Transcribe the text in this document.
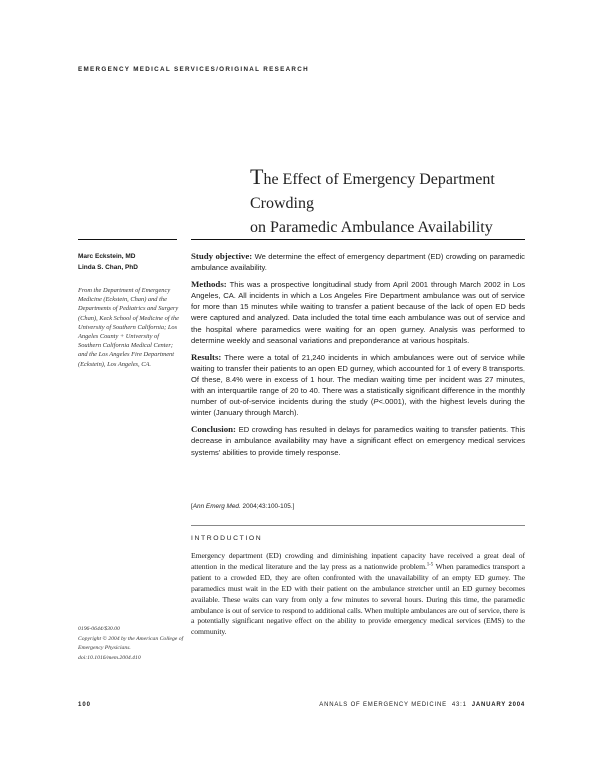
EMERGENCY MEDICAL SERVICES/ORIGINAL RESEARCH
The Effect of Emergency Department Crowding
on Paramedic Ambulance Availability
Marc Eckstein, MD
Linda S. Chan, PhD
From the Department of Emergency Medicine (Eckstein, Chan) and the Departments of Pediatrics and Surgery (Chan), Keck School of Medicine of the University of Southern California; Los Angeles County + University of Southern California Medical Center; and the Los Angeles Fire Department (Eckstein), Los Angeles, CA.

Study objective: We determine the effect of emergency department (ED) crowding on paramedic ambulance availability.

Methods: This was a prospective longitudinal study from April 2001 through March 2002 in Los Angeles, CA. All incidents in which a Los Angeles Fire Department ambulance was out of service for more than 15 minutes while waiting to transfer a patient because of the lack of open ED beds were captured and analyzed. Data included the total time each ambulance was out of service and the hospital where paramedics were waiting for an open gurney. Analysis was performed to determine weekly and seasonal variations and preponderance at various hospitals.

Results: There were a total of 21,240 incidents in which ambulances were out of service while waiting to transfer their patients to an open ED gurney, which accounted for 1 of every 8 transports. Of these, 8.4% were in excess of 1 hour. The median waiting time per incident was 27 minutes, with an interquartile range of 20 to 40. There was a statistically significant difference in the monthly number of out-of-service incidents during the study (P<.0001), with the highest levels during the winter (January through March).

Conclusion: ED crowding has resulted in delays for paramedics waiting to transfer patients. This decrease in ambulance availability may have a significant effect on emergency medical services systems' abilities to provide timely response.

[Ann Emerg Med. 2004;43:100-105.]
INTRODUCTION
Emergency department (ED) crowding and diminishing inpatient capacity have received a great deal of attention in the medical literature and the lay press as a nationwide problem.$^{1-5}$ When paramedics transport a patient to a crowded ED, they are often confronted with the unavailability of an empty ED gurney. The paramedics must wait in the ED with their patient on the ambulance stretcher until an ED gurney becomes available. These waits can vary from only a few minutes to several hours. During this time, the paramedic ambulance is out of service to respond to additional calls. When multiple ambulances are out of service, there is a potentially significant negative effect on the ability to provide emergency medical services (EMS) to the community.
0196-0644/$30.00
Copyright © 2004 by the American College of Emergency Physicians.
doi:10.1016/mem.2004.410
100	ANNALS OF EMERGENCY MEDICINE 43:1 JANUARY 2004
